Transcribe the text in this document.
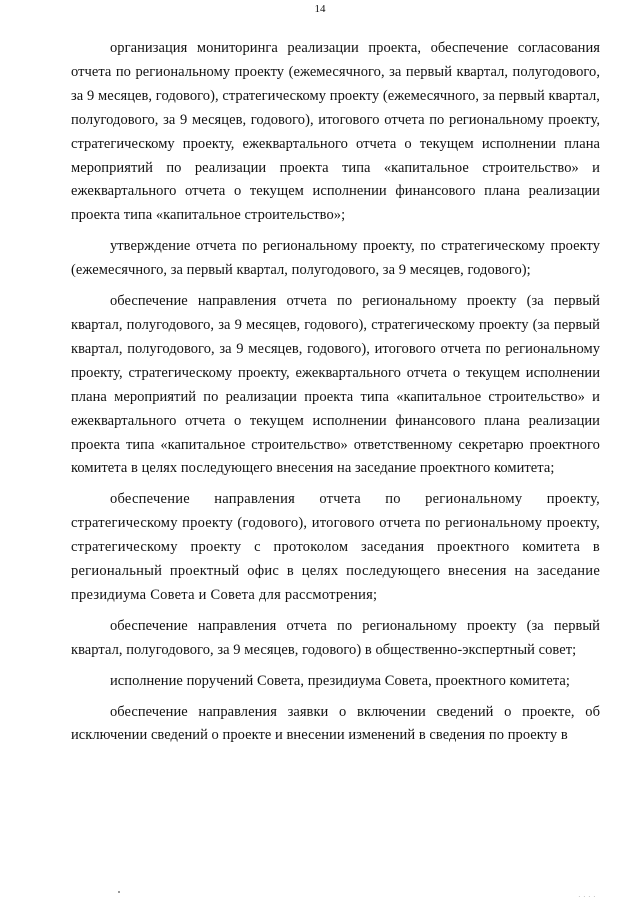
14

организация мониторинга реализации проекта, обеспечение согласования отчета по региональному проекту (ежемесячного, за первый квартал, полугодового, за 9 месяцев, годового), стратегическому проекту (ежемесячного, за первый квартал, полугодового, за 9 месяцев, годового), итогового отчета по региональному проекту, стратегическому проекту, ежеквартального отчета о текущем исполнении плана мероприятий по реализации проекта типа «капитальное строительство» и ежеквартального отчета о текущем исполнении финансового плана реализации проекта типа «капитальное строительство»;

утверждение отчета по региональному проекту, по стратегическому проекту (ежемесячного, за первый квартал, полугодового, за 9 месяцев, годового);

обеспечение направления отчета по региональному проекту (за первый квартал, полугодового, за 9 месяцев, годового), стратегическому проекту (за первый квартал, полугодового, за 9 месяцев, годового), итогового отчета по региональному проекту, стратегическому проекту, ежеквартального отчета о текущем исполнении плана мероприятий по реализации проекта типа «капитальное строительство» и ежеквартального отчета о текущем исполнении финансового плана реализации проекта типа «капитальное строительство» ответственному секретарю проектного комитета в целях последующего внесения на заседание проектного комитета;

обеспечение направления отчета по региональному проекту, стратегическому проекту (годового), итогового отчета по региональному проекту, стратегическому проекту с протоколом заседания проектного комитета в региональный проектный офис в целях последующего внесения на заседание президиума Совета и Совета для рассмотрения;

обеспечение направления отчета по региональному проекту (за первый квартал, полугодового, за 9 месяцев, годового) в общественно-экспертный совет;

исполнение поручений Совета, президиума Совета, проектного комитета;

обеспечение направления заявки о включении сведений о проекте, об исключении сведений о проекте и внесении изменений в сведения по проекту в

. . . .
